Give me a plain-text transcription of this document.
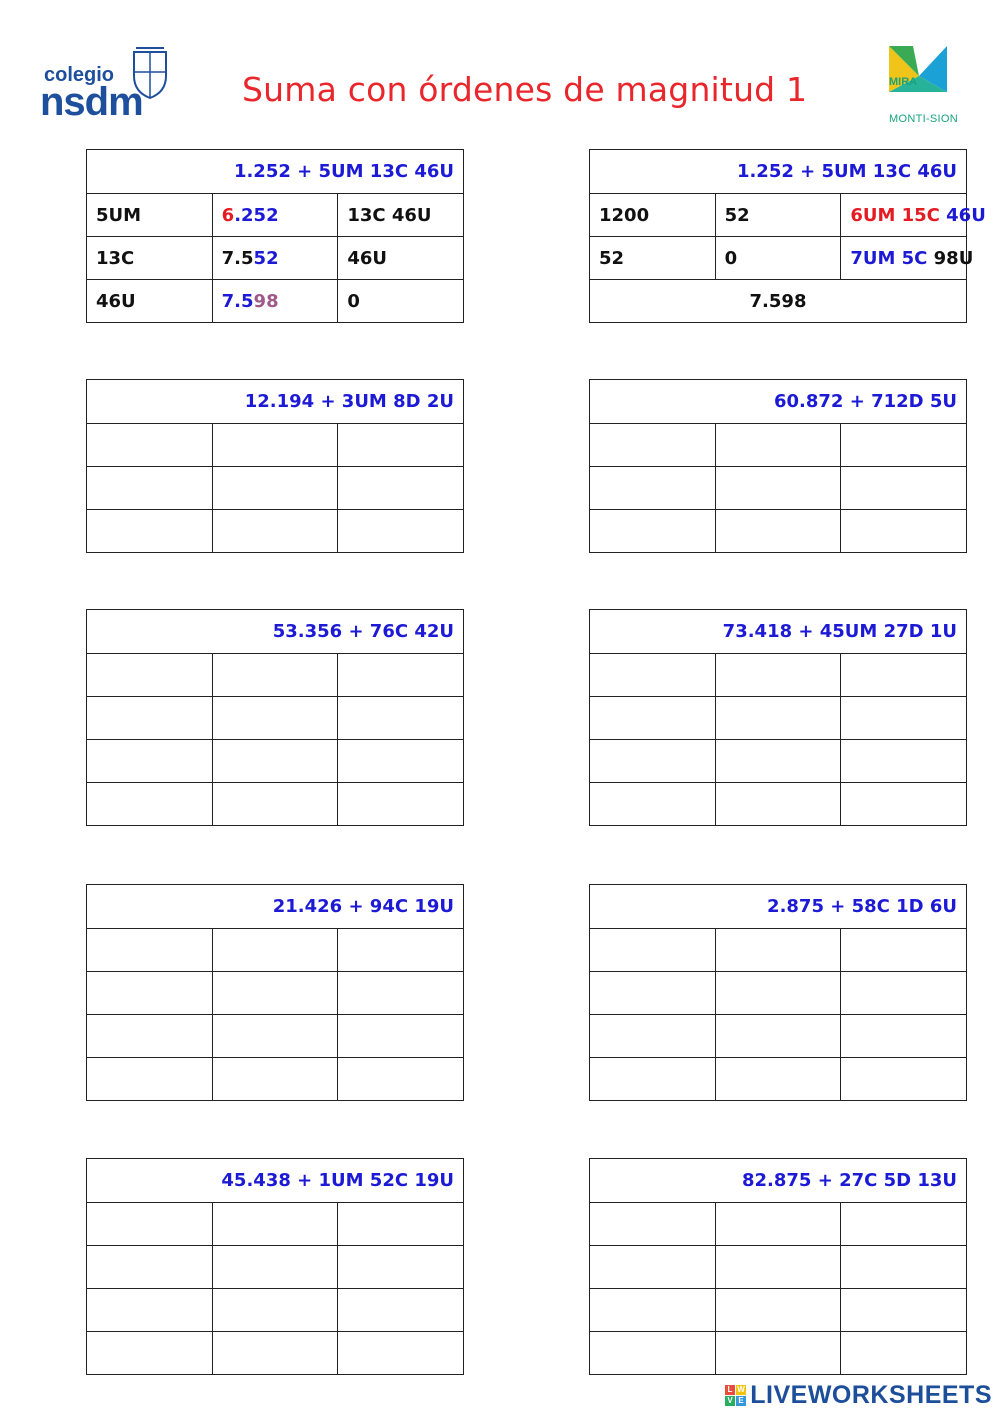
colegio
nsdm	Suma con órdenes de magnitud 1	MIRA
MONTI-SION
1.252 + 5UM 13C 46U		
5UM	6.252	13C 46U
13C	7.552	46U
46U	7.598	0
1.252 + 5UM 13C 46U		
1200	52	6UM 15C 46U
52	0	7UM 5C 98U
7.598		
12.194 + 3UM 8D 2U		

			60.872 + 712D 5U		

53.356 + 76C 42U		

			73.418 + 45UM 27D 1U		

21.426 + 94C 19U		

			2.875 + 58C 1D 6U		

45.438 + 1UM 52C 19U		

			82.875 + 27C 5D 13U		

L W
V E LIVEWORKSHEETS
